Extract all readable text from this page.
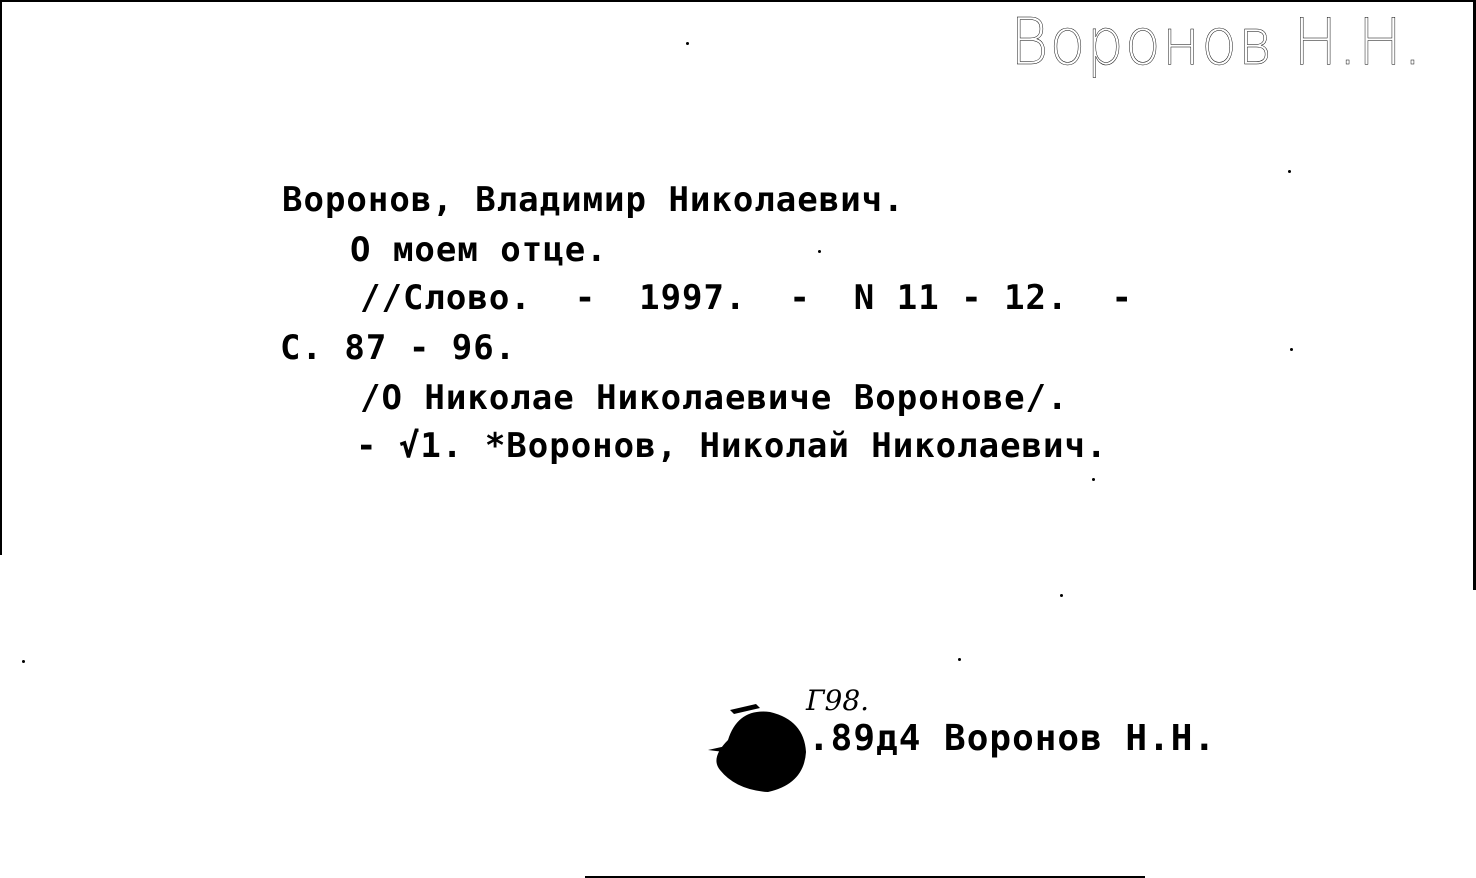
Воронов Н.Н.
Воронов, Владимир Николаевич.
О моем отце.
//Слово.  -  1997.  -  N 11 - 12.  -
С. 87 - 96.
/О Николае Николаевиче Воронове/.
- √1. *Воронов, Николай Николаевич.
Г98.
.89д4 Воронов Н.Н.
